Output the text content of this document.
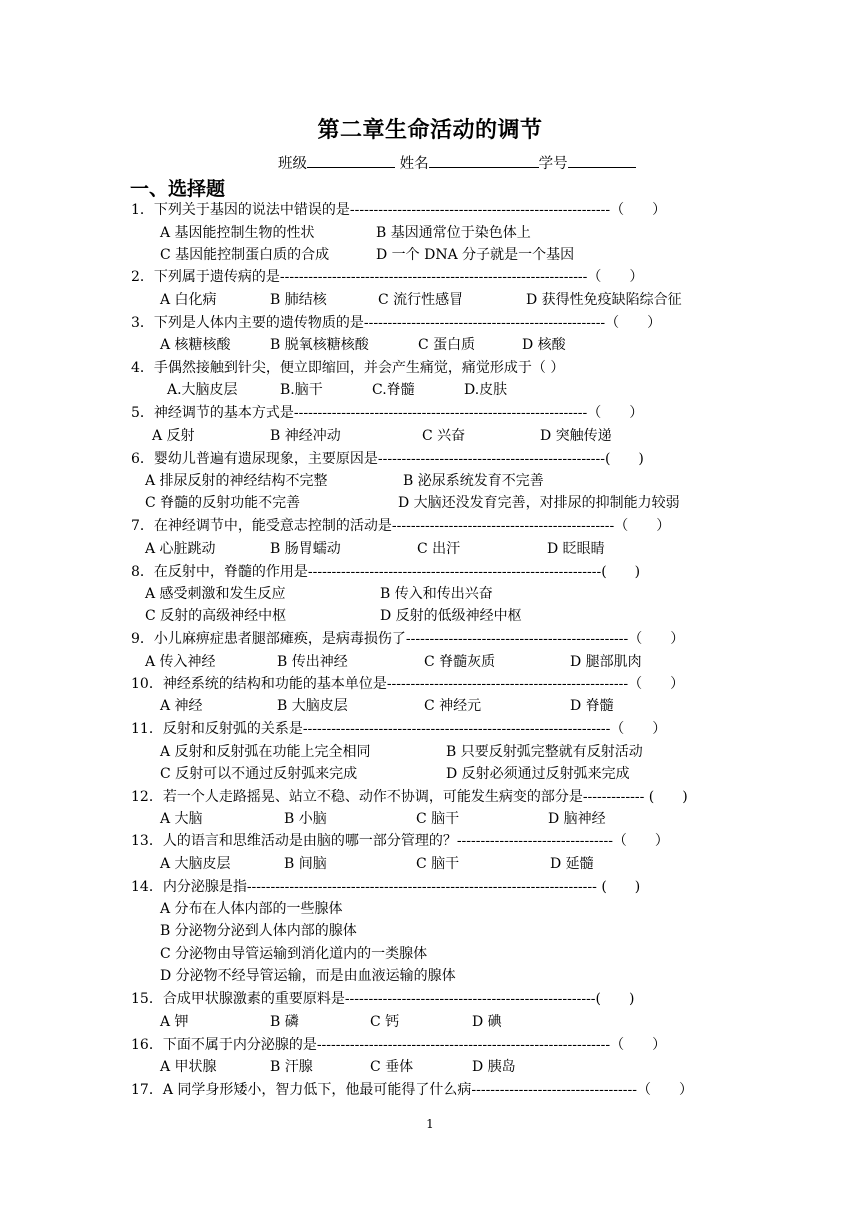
第二章生命活动的调节
班级	姓名	学号
一、选择题
1．下列关于基因的说法中错误的是-------------------------------------------------------（　　）
A 基因能控制生物的性状	B 基因通常位于染色体上
C 基因能控制蛋白质的合成	D 一个 DNA 分子就是一个基因
2．下列属于遗传病的是-----------------------------------------------------------------（　　）
A 白化病	B 肺结核	C 流行性感冒	D 获得性免疫缺陷综合征
3．下列是人体内主要的遗传物质的是---------------------------------------------------（　　）
A 核糖核酸	B 脱氧核糖核酸	C 蛋白质	D 核酸
4．手偶然接触到针尖，便立即缩回，并会产生痛觉，痛觉形成于（ ）
A.大脑皮层	B.脑干	C.脊髓	D.皮肤
5．神经调节的基本方式是--------------------------------------------------------------（　　）
A 反射	B 神经冲动	C 兴奋	D 突触传递
6．婴幼儿普遍有遗尿现象，主要原因是------------------------------------------------(　　)
A 排尿反射的神经结构不完整	B 泌尿系统发育不完善
C 脊髓的反射功能不完善	D 大脑还没发育完善，对排尿的抑制能力较弱
7．在神经调节中，能受意志控制的活动是-----------------------------------------------（　　）
A 心脏跳动	B 肠胃蠕动	C 出汗	D 眨眼睛
8．在反射中，脊髓的作用是--------------------------------------------------------------(　　)
A 感受刺激和发生反应	B 传入和传出兴奋
C 反射的高级神经中枢	D 反射的低级神经中枢
9．小儿麻痹症患者腿部瘫痪，是病毒损伤了-----------------------------------------------（　　）
A 传入神经	B 传出神经	C 脊髓灰质	D 腿部肌肉
10．神经系统的结构和功能的基本单位是---------------------------------------------------（　　）
A 神经	B 大脑皮层	C 神经元	D 脊髓
11．反射和反射弧的关系是-----------------------------------------------------------------（　　）
A 反射和反射弧在功能上完全相同	B 只要反射弧完整就有反射活动
C 反射可以不通过反射弧来完成	D 反射必须通过反射弧来完成
12．若一个人走路摇晃、站立不稳、动作不协调，可能发生病变的部分是------------- (　　)
A 大脑	B 小脑	C 脑干	D 脑神经
13．人的语言和思维活动是由脑的哪一部分管理的？---------------------------------（　　）
A 大脑皮层	B 间脑	C 脑干	D 延髓
14．内分泌腺是指-------------------------------------------------------------------------- (　　)
A 分布在人体内部的一些腺体
B 分泌物分泌到人体内部的腺体
C 分泌物由导管运输到消化道内的一类腺体
D 分泌物不经导管运输，而是由血液运输的腺体
15．合成甲状腺激素的重要原料是-----------------------------------------------------(　　)
A 钾	B 磷	C 钙	D 碘
16．下面不属于内分泌腺的是--------------------------------------------------------------（　　）
A 甲状腺	B 汗腺	C 垂体	D 胰岛
17．A 同学身形矮小，智力低下，他最可能得了什么病-----------------------------------（　　）
1
